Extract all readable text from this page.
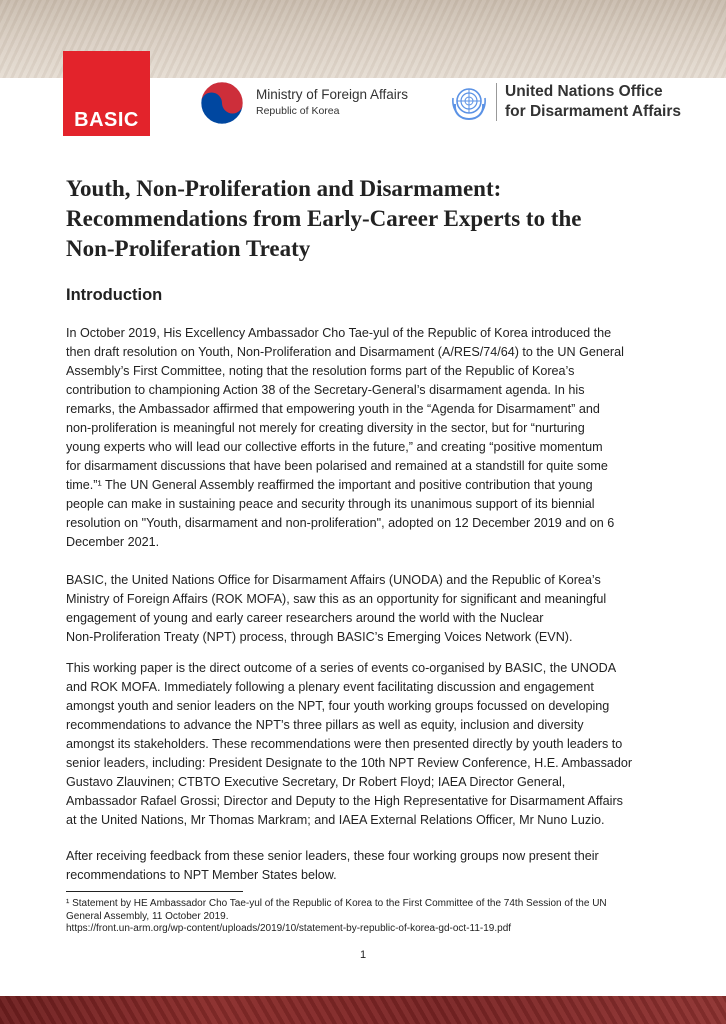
BASIC
Ministry of Foreign Affairs
Republic of Korea
United Nations Office
for Disarmament Affairs
Youth, Non-Proliferation and Disarmament:
Recommendations from Early-Career Experts to the
Non-Proliferation Treaty
Introduction
In October 2019, His Excellency Ambassador Cho Tae-yul of the Republic of Korea introduced the
then draft resolution on Youth, Non-Proliferation and Disarmament (A/RES/74/64) to the UN General
Assembly’s First Committee, noting that the resolution forms part of the Republic of Korea’s
contribution to championing Action 38 of the Secretary-General’s disarmament agenda. In his
remarks, the Ambassador affirmed that empowering youth in the “Agenda for Disarmament” and
non-proliferation is meaningful not merely for creating diversity in the sector, but for “nurturing
young experts who will lead our collective efforts in the future,” and creating “positive momentum
for disarmament discussions that have been polarised and remained at a standstill for quite some
time.”¹ The UN General Assembly reaffirmed the important and positive contribution that young
people can make in sustaining peace and security through its unanimous support of its biennial
resolution on "Youth, disarmament and non-proliferation", adopted on 12 December 2019 and on 6
December 2021.
BASIC, the United Nations Office for Disarmament Affairs (UNODA) and the Republic of Korea’s
Ministry of Foreign Affairs (ROK MOFA), saw this as an opportunity for significant and meaningful
engagement of young and early career researchers around the world with the Nuclear
Non-Proliferation Treaty (NPT) process, through BASIC’s Emerging Voices Network (EVN).
This working paper is the direct outcome of a series of events co-organised by BASIC, the UNODA
and ROK MOFA. Immediately following a plenary event facilitating discussion and engagement
amongst youth and senior leaders on the NPT, four youth working groups focussed on developing
recommendations to advance the NPT’s three pillars as well as equity, inclusion and diversity
amongst its stakeholders. These recommendations were then presented directly by youth leaders to
senior leaders, including: President Designate to the 10th NPT Review Conference, H.E. Ambassador
Gustavo Zlauvinen; CTBTO Executive Secretary, Dr Robert Floyd; IAEA Director General,
Ambassador Rafael Grossi; Director and Deputy to the High Representative for Disarmament Affairs
at the United Nations, Mr Thomas Markram; and IAEA External Relations Officer, Mr Nuno Luzio.
After receiving feedback from these senior leaders, these four working groups now present their
recommendations to NPT Member States below.
¹ Statement by HE Ambassador Cho Tae-yul of the Republic of Korea to the First Committee of the 74th Session of the UN
General Assembly, 11 October 2019.
https://front.un-arm.org/wp-content/uploads/2019/10/statement-by-republic-of-korea-gd-oct-11-19.pdf
1
